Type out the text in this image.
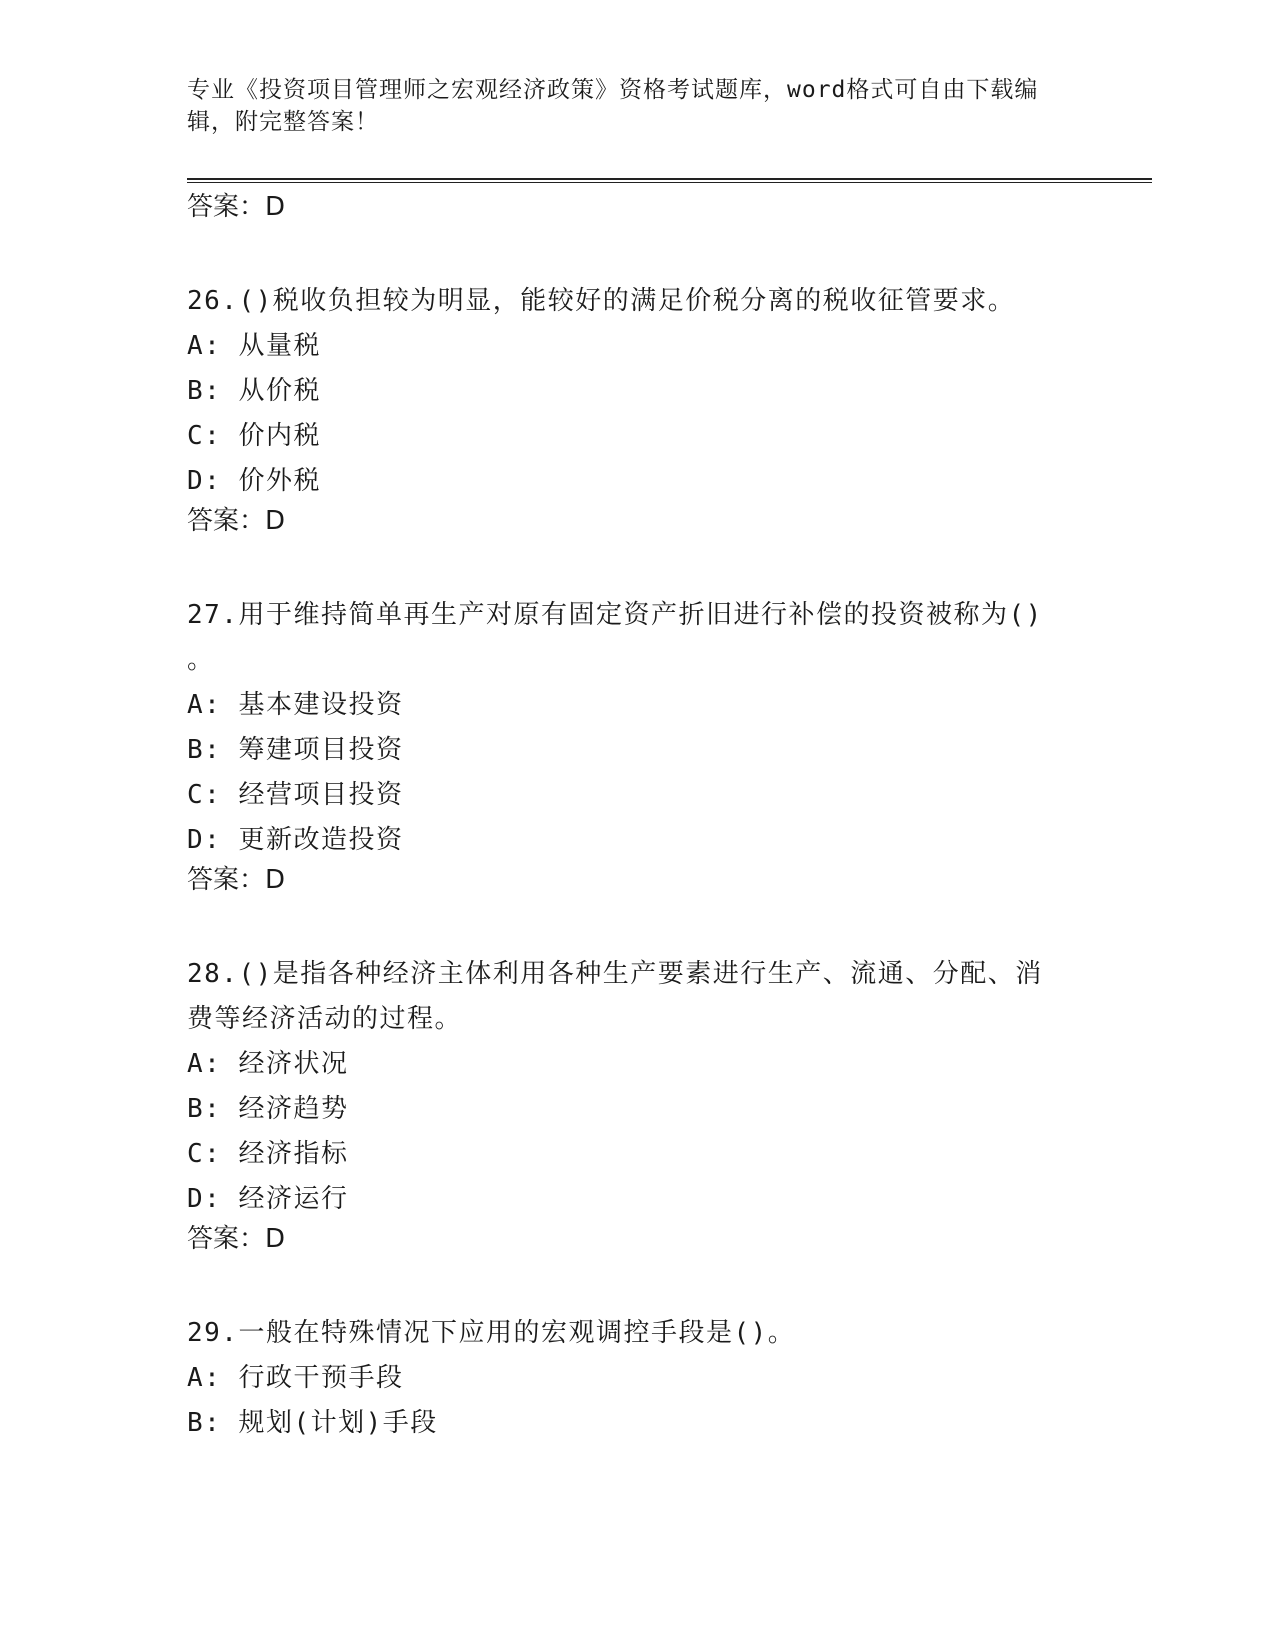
专业《投资项目管理师之宏观经济政策》资格考试题库，word格式可自由下载编
辑，附完整答案！
答案：D
26.()税收负担较为明显，能较好的满足价税分离的税收征管要求。
A: 从量税
B: 从价税
C: 价内税
D: 价外税
答案：D
27.用于维持简单再生产对原有固定资产折旧进行补偿的投资被称为()
。
A: 基本建设投资
B: 筹建项目投资
C: 经营项目投资
D: 更新改造投资
答案：D
28.()是指各种经济主体利用各种生产要素进行生产、流通、分配、消
费等经济活动的过程。
A: 经济状况
B: 经济趋势
C: 经济指标
D: 经济运行
答案：D
29.一般在特殊情况下应用的宏观调控手段是()。
A: 行政干预手段
B: 规划(计划)手段
